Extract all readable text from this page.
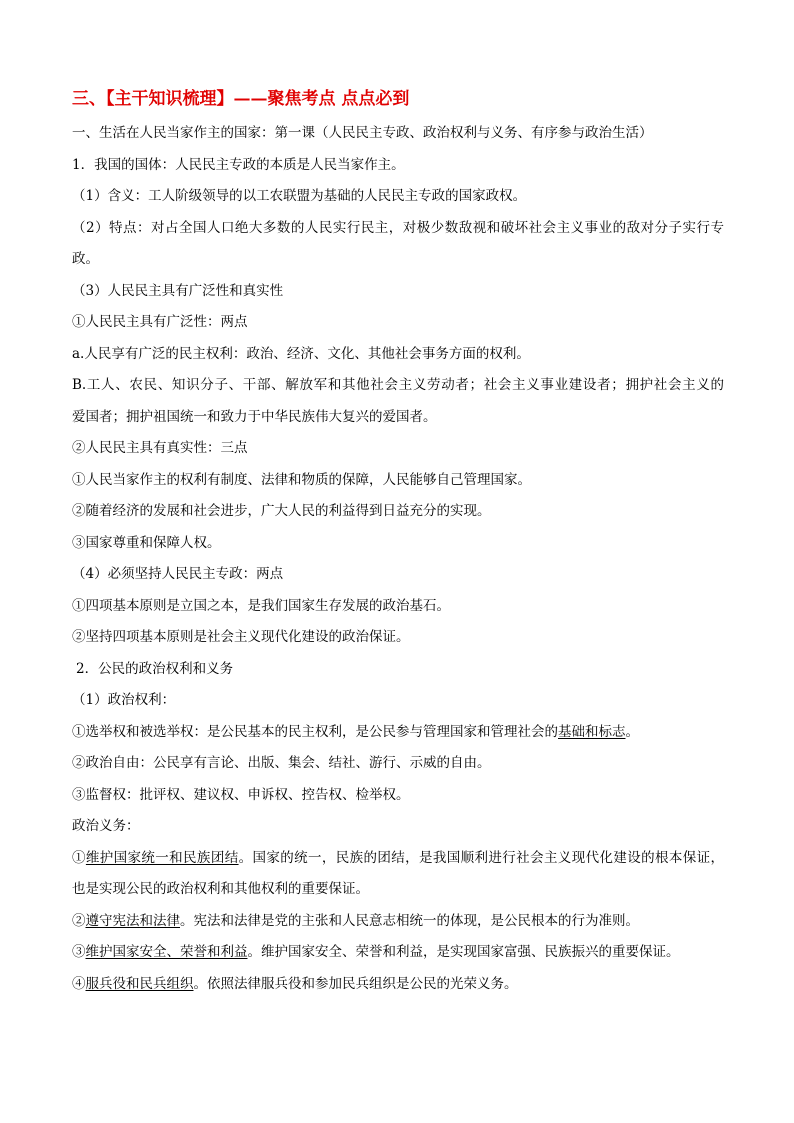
三、【主干知识梳理】——聚焦考点 点点必到

一、生活在人民当家作主的国家：第一课（人民民主专政、政治权利与义务、有序参与政治生活）

1．我国的国体：人民民主专政的本质是人民当家作主。

（1）含义：工人阶级领导的以工农联盟为基础的人民民主专政的国家政权。

（2）特点：对占全国人口绝大多数的人民实行民主，对极少数敌视和破坏社会主义事业的敌对分子实行专

政。

（3）人民民主具有广泛性和真实性

①人民民主具有广泛性：两点

a.人民享有广泛的民主权利：政治、经济、文化、其他社会事务方面的权利。

B.工人、农民、知识分子、干部、解放军和其他社会主义劳动者；社会主义事业建设者；拥护社会主义的

爱国者；拥护祖国统一和致力于中华民族伟大复兴的爱国者。

②人民民主具有真实性：三点

①人民当家作主的权利有制度、法律和物质的保障，人民能够自己管理国家。

②随着经济的发展和社会进步，广大人民的利益得到日益充分的实现。

③国家尊重和保障人权。

（4）必须坚持人民民主专政：两点

①四项基本原则是立国之本，是我们国家生存发展的政治基石。

②坚持四项基本原则是社会主义现代化建设的政治保证。

2．公民的政治权利和义务

（1）政治权利：

①选举权和被选举权：是公民基本的民主权利，是公民参与管理国家和管理社会的基础和标志。

②政治自由：公民享有言论、出版、集会、结社、游行、示威的自由。

③监督权：批评权、建议权、申诉权、控告权、检举权。

政治义务：

①维护国家统一和民族团结。国家的统一，民族的团结，是我国顺利进行社会主义现代化建设的根本保证，

也是实现公民的政治权利和其他权利的重要保证。

②遵守宪法和法律。宪法和法律是党的主张和人民意志相统一的体现，是公民根本的行为准则。

③维护国家安全、荣誉和利益。维护国家安全、荣誉和利益，是实现国家富强、民族振兴的重要保证。

④服兵役和民兵组织。依照法律服兵役和参加民兵组织是公民的光荣义务。
